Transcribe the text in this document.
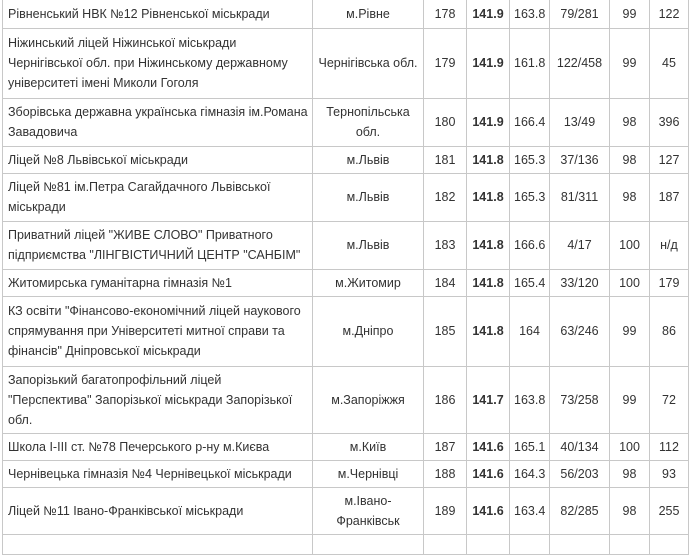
Рівненський НВК №12 Рівненської міськради	м.Рівне	178	141.9	163.8	79/281	99	122
Ніжинський ліцей Ніжинської міськради Чернігівської обл. при Ніжинському державному університеті імені Миколи Гоголя	Чернігівська обл.	179	141.9	161.8	122/458	99	45
Зборівська державна українська гімназія ім.Романа Завадовича	Тернопільська обл.	180	141.9	166.4	13/49	98	396
Ліцей №8 Львівської міськради	м.Львів	181	141.8	165.3	37/136	98	127
Ліцей №81 ім.Петра Сагайдачного Львівської міськради	м.Львів	182	141.8	165.3	81/311	98	187
Приватний ліцей "ЖИВЕ СЛОВО" Приватного підприємства "ЛІНГВІСТИЧНИЙ ЦЕНТР "САНБІМ"	м.Львів	183	141.8	166.6	4/17	100	н/д
Житомирська гуманітарна гімназія №1	м.Житомир	184	141.8	165.4	33/120	100	179
КЗ освіти "Фінансово-економічний ліцей наукового спрямування при Університеті митної справи та фінансів" Дніпровської міськради	м.Дніпро	185	141.8	164	63/246	99	86
Запорізький багатопрофільний ліцей "Перспектива" Запорізької міськради Запорізької обл.	м.Запоріжжя	186	141.7	163.8	73/258	99	72
Школа І-ІІІ ст. №78 Печерського р-ну м.Києва	м.Київ	187	141.6	165.1	40/134	100	112
Чернівецька гімназія №4 Чернівецької міськради	м.Чернівці	188	141.6	164.3	56/203	98	93
Ліцей №11 Івано-Франківської міськради	м.Івано-Франківськ	189	141.6	163.4	82/285	98	255
